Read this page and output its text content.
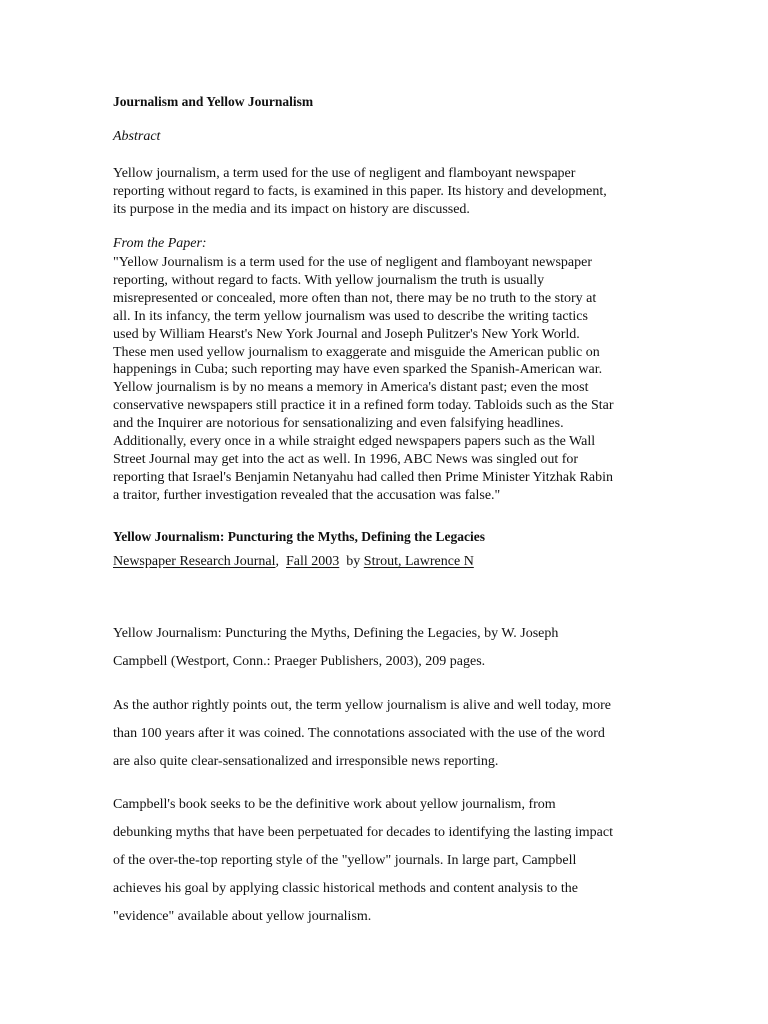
Journalism and Yellow Journalism
Abstract
Yellow journalism, a term used for the use of negligent and flamboyant newspaper
reporting without regard to facts, is examined in this paper. Its history and development,
its purpose in the media and its impact on history are discussed.
From the Paper:
"Yellow Journalism is a term used for the use of negligent and flamboyant newspaper
reporting, without regard to facts. With yellow journalism the truth is usually
misrepresented or concealed, more often than not, there may be no truth to the story at
all. In its infancy, the term yellow journalism was used to describe the writing tactics
used by William Hearst's New York Journal and Joseph Pulitzer's New York World.
These men used yellow journalism to exaggerate and misguide the American public on
happenings in Cuba; such reporting may have even sparked the Spanish-American war.
Yellow journalism is by no means a memory in America's distant past; even the most
conservative newspapers still practice it in a refined form today. Tabloids such as the Star
and the Inquirer are notorious for sensationalizing and even falsifying headlines.
Additionally, every once in a while straight edged newspapers papers such as the Wall
Street Journal may get into the act as well. In 1996, ABC News was singled out for
reporting that Israel's Benjamin Netanyahu had called then Prime Minister Yitzhak Rabin
a traitor, further investigation revealed that the accusation was false."
Yellow Journalism: Puncturing the Myths, Defining the Legacies
Newspaper Research Journal, Fall 2003 by Strout, Lawrence N
Yellow Journalism: Puncturing the Myths, Defining the Legacies, by W. Joseph
Campbell (Westport, Conn.: Praeger Publishers, 2003), 209 pages.
As the author rightly points out, the term yellow journalism is alive and well today, more
than 100 years after it was coined. The connotations associated with the use of the word
are also quite clear-sensationalized and irresponsible news reporting.
Campbell's book seeks to be the definitive work about yellow journalism, from
debunking myths that have been perpetuated for decades to identifying the lasting impact
of the over-the-top reporting style of the "yellow" journals. In large part, Campbell
achieves his goal by applying classic historical methods and content analysis to the
"evidence" available about yellow journalism.
